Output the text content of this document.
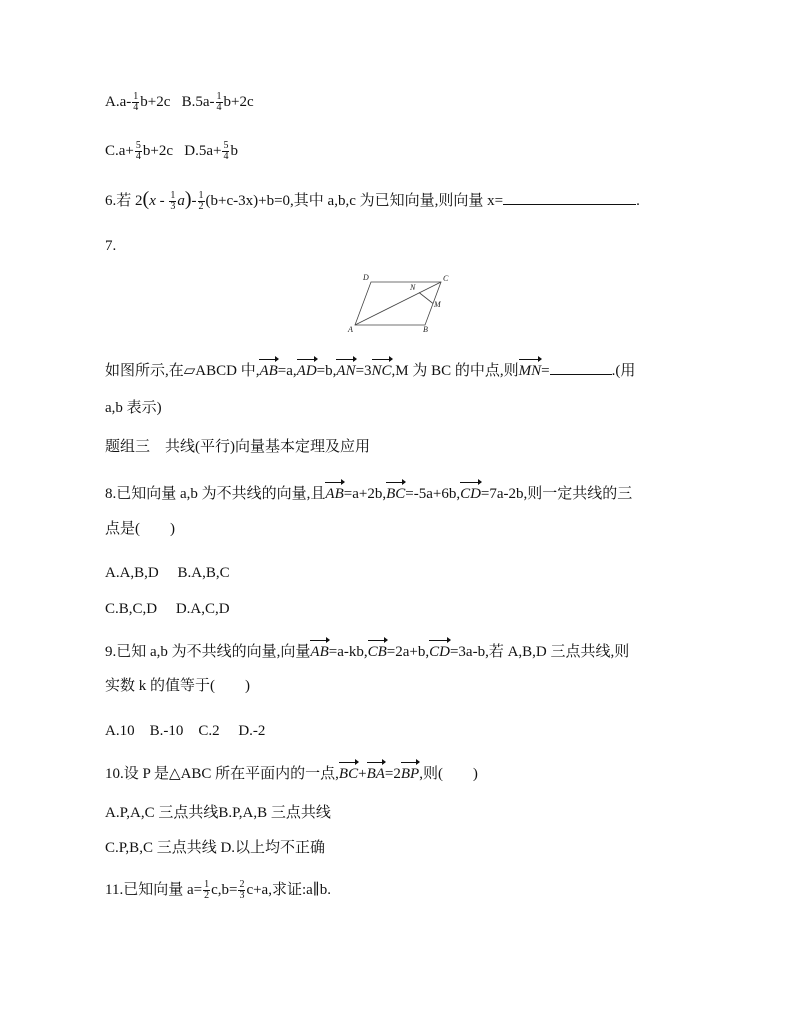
$A.a- \frac{1}{4} b+2c$ $B.5a- \frac{1}{4} b+2c$
$C.a+ \frac{5}{4} b+2c$ $D.5a+ \frac{5}{4}$ b
6.若 $2(x - \frac{1}{3} a)- \frac{1}{2} (b+c-3x)+b=0$,其中 a,b,c 为已知向量,则向量 x=	.
7.
A	B
C
D
M
N
如图所示,在▱ABCD 中,AB=a,AD=b,AN=3NC,M 为 BC 的中点,则MN=	.(用
a,b 表示)
题组三　共线(平行)向量基本定理及应用
8.已知向量 a,b 为不共线的向量,且AB=a+2b,BC=-5a+6b,CD=7a-2b,则一定共线的三
点是(　　)
A.A,B,D　 B.A,B,C
C.B,C,D　 D.A,C,D
9.已知 a,b 为不共线的向量,向量AB=a-kb,CB=2a+b,CD=3a-b,若 A,B,D 三点共线,则
实数 k 的值等于(　　)
A.10　B.-10　C.2　 D.-2
10.设 P 是△ABC 所在平面内的一点,BC+BA=2BP,则(　　)
A.P,A,C 三点共线B.P,A,B 三点共线
C.P,B,C 三点共线 D.以上均不正确
11.已知向量 $a= \frac{1}{2} c,b= \frac{2}{3} c+a$,求证:a∥b.
